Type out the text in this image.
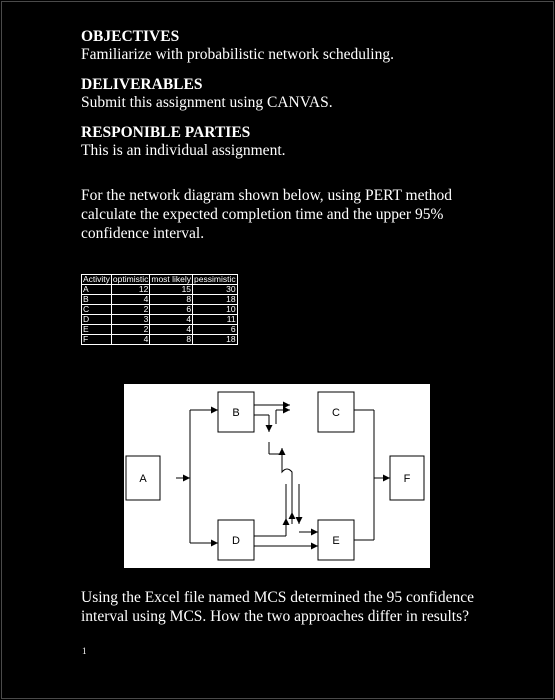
OBJECTIVES

Familiarize with probabilistic network scheduling.

DELIVERABLES

Submit this assignment using CANVAS.

RESPONIBLE PARTIES

This is an individual assignment.

For the network diagram shown below, using PERT method calculate the expected completion time and the upper 95% confidence interval.

Activity	optimistic	most likely	pessimistic
A	12	15	30
B	4	8	18
C	2	6	10
D	3	4	11
E	2	4	6
F	4	8	18
A
B	C
D	E
F

Using the Excel file named MCS determined the 95 confidence interval using MCS. How the two approaches differ in results?

1
